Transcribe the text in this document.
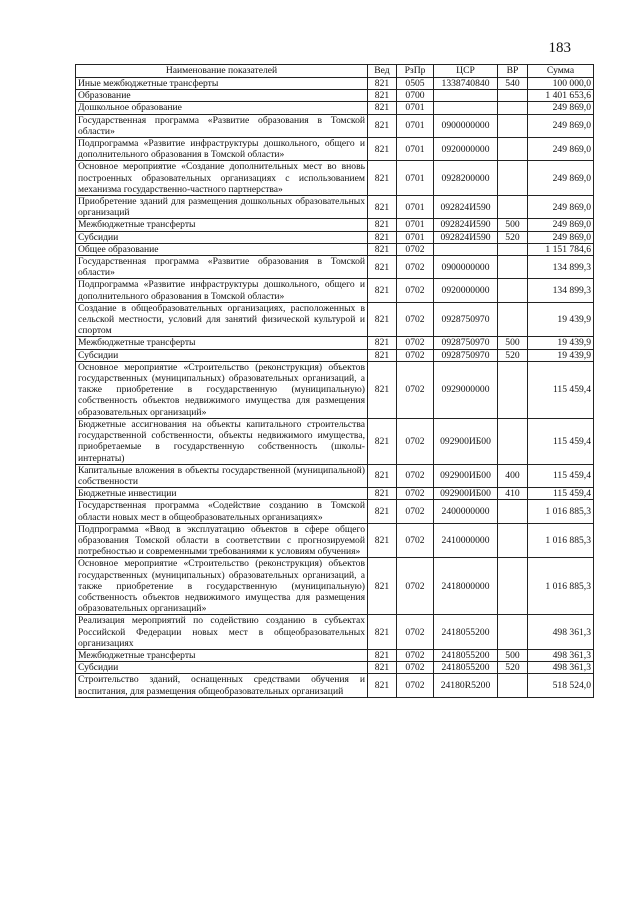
183
Наименование показателей	Вед	РзПр	ЦСР	ВР	Сумма
Иные межбюджетные трансферты	821	0505	1338740840	540	100 000,0
Образование	821	0700			1 401 653,6
Дошкольное образование	821	0701			249 869,0
Государственная программа «Развитие образования в Томской области»	821	0701	0900000000		249 869,0
Подпрограмма «Развитие инфраструктуры дошкольного, общего и дополнительного образования в Томской области»	821	0701	0920000000		249 869,0
Основное мероприятие «Создание дополнительных мест во вновь построенных образовательных организациях с использованием механизма государственно-частного партнерства»	821	0701	0928200000		249 869,0
Приобретение зданий для размещения дошкольных образовательных организаций	821	0701	092824И590		249 869,0
Межбюджетные трансферты	821	0701	092824И590	500	249 869,0
Субсидии	821	0701	092824И590	520	249 869,0
Общее образование	821	0702			1 151 784,6
Государственная программа «Развитие образования в Томской области»	821	0702	0900000000		134 899,3
Подпрограмма «Развитие инфраструктуры дошкольного, общего и дополнительного образования в Томской области»	821	0702	0920000000		134 899,3
Создание в общеобразовательных организациях, расположенных в сельской местности, условий для занятий физической культурой и спортом	821	0702	0928750970		19 439,9
Межбюджетные трансферты	821	0702	0928750970	500	19 439,9
Субсидии	821	0702	0928750970	520	19 439,9
Основное мероприятие «Строительство (реконструкция) объектов государственных (муниципальных) образовательных организаций, а также приобретение в государственную (муниципальную) собственность объектов недвижимого имущества для размещения образовательных организаций»	821	0702	0929000000		115 459,4
Бюджетные ассигнования на объекты капитального строительства государственной собственности, объекты недвижимого имущества, приобретаемые в государственную собственность (школы-интернаты)	821	0702	092900ИБ00		115 459,4
Капитальные вложения в объекты государственной (муниципальной) собственности	821	0702	092900ИБ00	400	115 459,4
Бюджетные инвестиции	821	0702	092900ИБ00	410	115 459,4
Государственная программа «Содействие созданию в Томской области новых мест в общеобразовательных организациях»	821	0702	2400000000		1 016 885,3
Подпрограмма «Ввод в эксплуатацию объектов в сфере общего образования Томской области в соответствии с прогнозируемой потребностью и современными требованиями к условиям обучения»	821	0702	2410000000		1 016 885,3
Основное мероприятие «Строительство (реконструкция) объектов государственных (муниципальных) образовательных организаций, а также приобретение в государственную (муниципальную) собственность объектов недвижимого имущества для размещения образовательных организаций»	821	0702	2418000000		1 016 885,3
Реализация мероприятий по содействию созданию в субъектах Российской Федерации новых мест в общеобразовательных организациях	821	0702	2418055200		498 361,3
Межбюджетные трансферты	821	0702	2418055200	500	498 361,3
Субсидии	821	0702	2418055200	520	498 361,3
Строительство зданий, оснащенных средствами обучения и воспитания, для размещения общеобразовательных организаций	821	0702	24180R5200		518 524,0
